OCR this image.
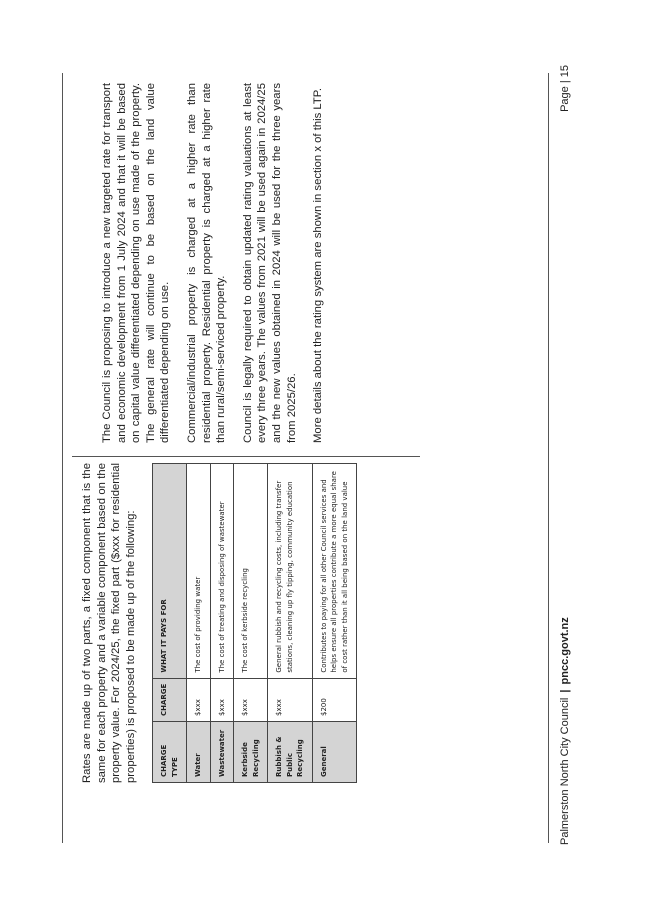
Rates are made up of two parts, a fixed component that is the same for each property and a variable component based on the property value. For 2024/25, the fixed part ($xxx for residential properties) is proposed to be made up of the following:	CHARGE TYPE	CHARGE	WHAT IT PAYS FOR
Water	$xxx	The cost of providing water
Wastewater	$xxx	The cost of treating and disposing of wastewater
Kerbside Recycling	$xxx	The cost of kerbside recycling
Rubbish & Public Recycling	$xxx	General rubbish and recycling costs, including transfer stations, cleaning up fly tipping, community education
General	$200	Contributes to paying for all other Council services and helps ensure all properties contribute a more equal share of cost rather than it all being based on the land value

The Council is proposing to introduce a new targeted rate for transport and economic development from 1 July 2024 and that it will be based on capital value differentiated depending on use made of the property. The general rate will continue to be based on the land value differentiated depending on use. Commercial/industrial property is charged at a higher rate than residential property. Residential property is charged at a higher rate than rural/semi-serviced property. Council is legally required to obtain updated rating valuations at least every three years. The values from 2021 will be used again in 2024/25 and the new values obtained in 2024 will be used for the three years from 2025/26. More details about the rating system are shown in section x of this LTP.

Palmerston North City Council | pncc.govt.nz
Page | 15
